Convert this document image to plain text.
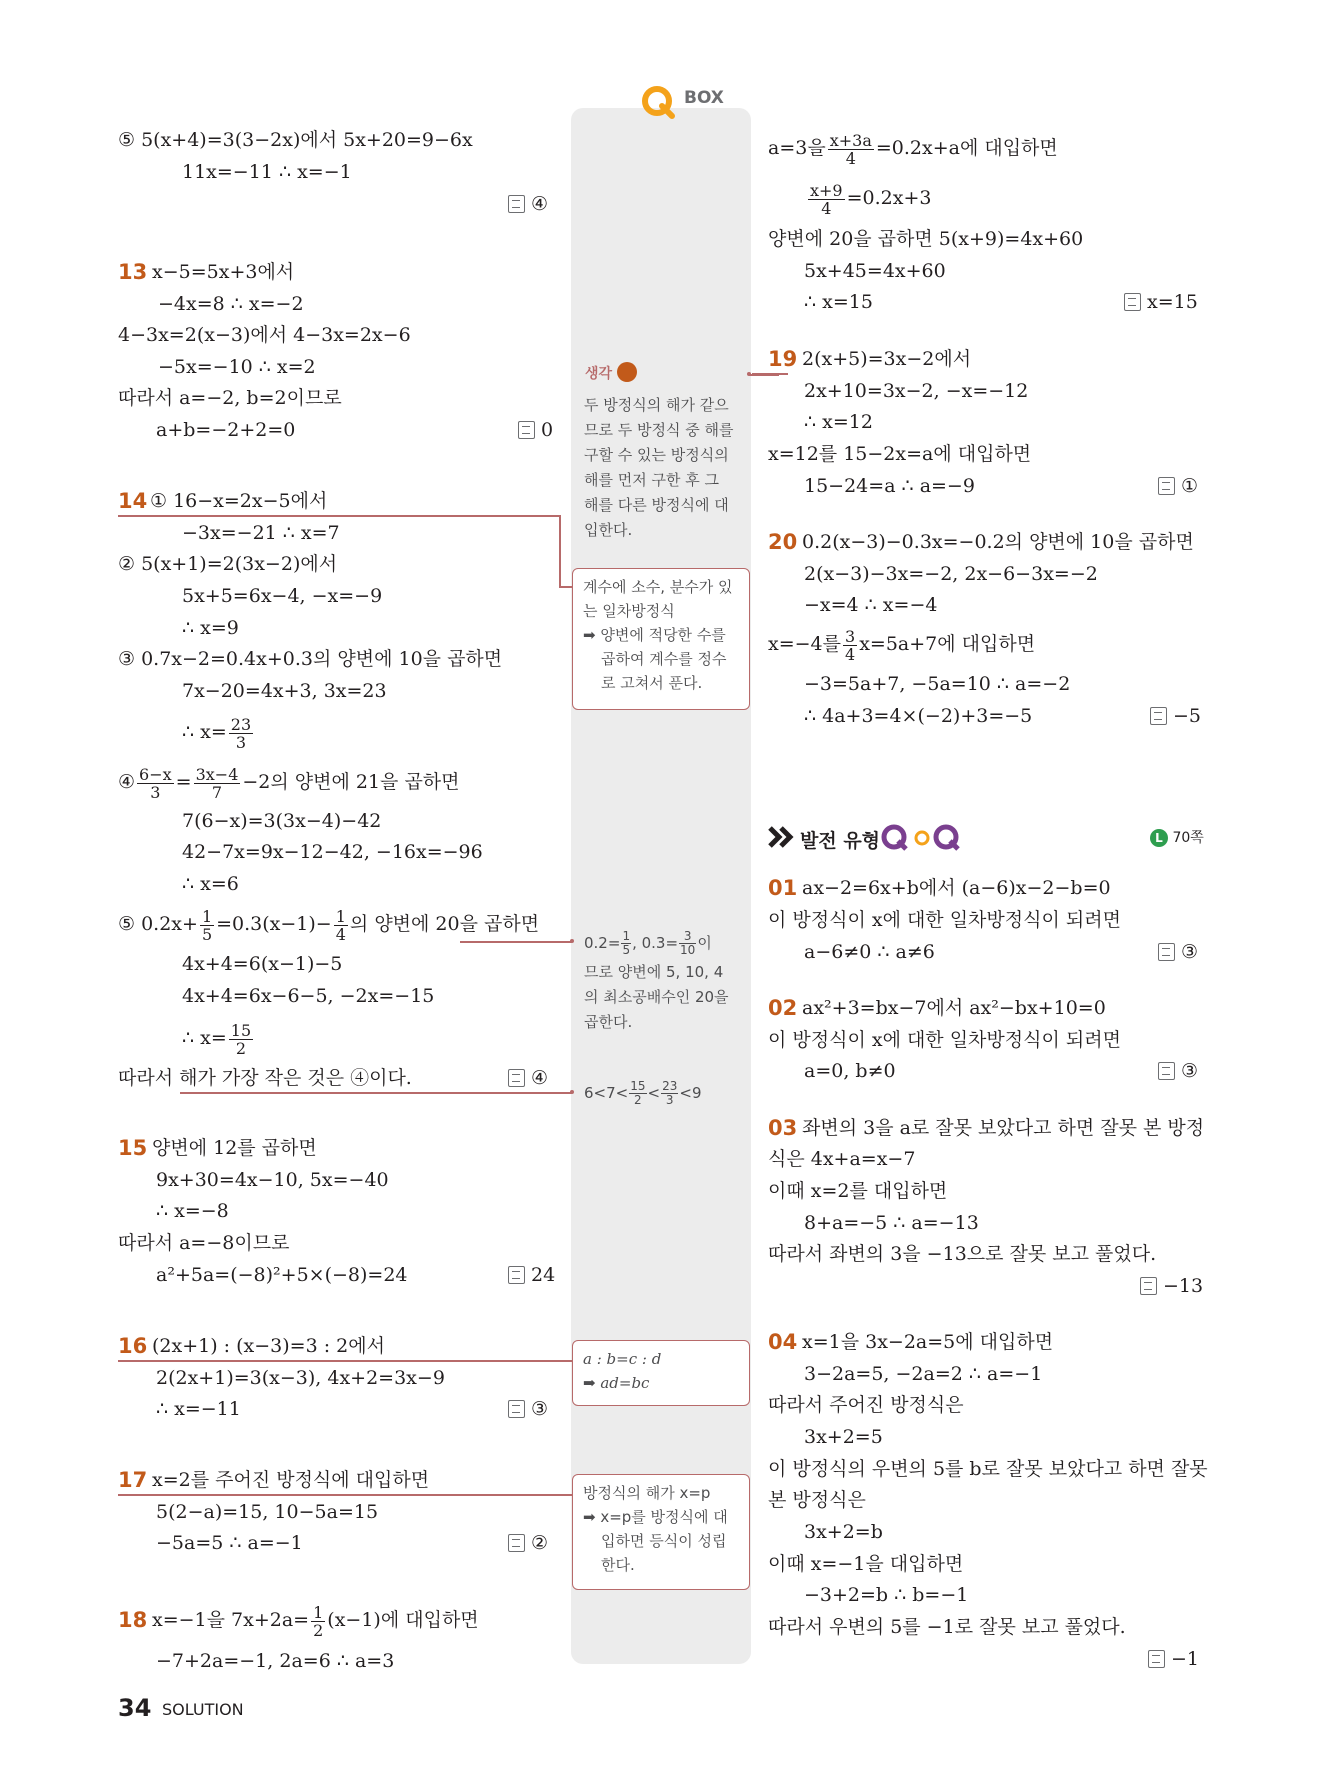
BOX
⑤ 5(x+4)=3(3−2x)에서 5x+20=9−6x
11x=−11 ∴ x=−1
④
13 x−5=5x+3에서
−4x=8 ∴ x=−2
4−3x=2(x−3)에서 4−3x=2x−6
−5x=−10 ∴ x=2
따라서 a=−2, b=2이므로
a+b=−2+2=0	0
14 ① 16−x=2x−5에서
−3x=−21 ∴ x=7
② 5(x+1)=2(3x−2)에서
5x+5=6x−4, −x=−9
∴ x=9
③ 0.7x−2=0.4x+0.3의 양변에 10을 곱하면
7x−20=4x+3, 3x=23
∴ $x= \frac{23}{3}$
④ $\frac{6-x}{3} = \frac{3x-4}{7} -2$의 양변에 21을 곱하면
7(6−x)=3(3x−4)−42
42−7x=9x−12−42, −16x=−96
∴ x=6
⑤ $0.2x+ \frac{1}{5} =0.3(x-1)- \frac{1}{4}$ 의 양변에 20을 곱하면
4x+4=6(x−1)−5
4x+4=6x−6−5, −2x=−15
∴ $x= \frac{15}{2}$
따라서 해가 가장 작은 것은 ④이다.	④
15 양변에 12를 곱하면
9x+30=4x−10, 5x=−40
∴ x=−8
따라서 a=−8이므로
a²+5a=(−8)²+5×(−8)=24	24
16 (2x+1) : (x−3)=3 : 2에서
2(2x+1)=3(x−3), 4x+2=3x−9
∴ x=−11	③
17 x=2를 주어진 방정식에 대입하면
5(2−a)=15, 10−5a=15
−5a=5 ∴ a=−1	②
18 x=−1을 $7x+2a= \frac{1}{2} (x-1)$에 대입하면
−7+2a=−1, 2a=6 ∴ a=3
생각
두 방정식의 해가 같으
므로 두 방정식 중 해를
구할 수 있는 방정식의
해를 먼저 구한 후 그
해를 다른 방정식에 대
입한다.
계수에 소수, 분수가 있
는 일차방정식
➡ 양변에 적당한 수를
곱하여 계수를 정수
로 고쳐서 푼다.
$0.2= \frac{1}{5}$ , $0.3= \frac{3}{10}$ 이
므로 양변에 5, 10, 4
의 최소공배수인 20을
곱한다.
$6<7< \frac{15}{2} < \frac{23}{3} <9$
a : b=c : d
➡ ad=bc
방정식의 해가 x=p
➡ x=p를 방정식에 대
입하면 등식이 성립
한다.
a=3을 $\frac{x+3a}{4} =0.2x+a$에 대입하면
$\frac{x+9}{4} =0.2x+3$
양변에 20을 곱하면 5(x+9)=4x+60
5x+45=4x+60
∴ x=15	x=15
19 2(x+5)=3x−2에서
2x+10=3x−2, −x=−12
∴ x=12
x=12를 15−2x=a에 대입하면
15−24=a ∴ a=−9	①
20 0.2(x−3)−0.3x=−0.2의 양변에 10을 곱하면
2(x−3)−3x=−2, 2x−6−3x=−2
−x=4 ∴ x=−4
x=−4를 $\frac{3}{4} x=5a+7$에 대입하면
−3=5a+7, −5a=10 ∴ a=−2
∴ 4a+3=4×(−2)+3=−5	−5
발전 유형	L 70쪽
01 ax−2=6x+b에서 (a−6)x−2−b=0
이 방정식이 x에 대한 일차방정식이 되려면
a−6≠0 ∴ a≠6	③
02 ax²+3=bx−7에서 ax²−bx+10=0
이 방정식이 x에 대한 일차방정식이 되려면
a=0, b≠0	③
03 좌변의 3을 a로 잘못 보았다고 하면 잘못 본 방정
식은 4x+a=x−7
이때 x=2를 대입하면
8+a=−5 ∴ a=−13
따라서 좌변의 3을 −13으로 잘못 보고 풀었다.
−13
04 x=1을 3x−2a=5에 대입하면
3−2a=5, −2a=2 ∴ a=−1
따라서 주어진 방정식은
3x+2=5
이 방정식의 우변의 5를 b로 잘못 보았다고 하면 잘못
본 방정식은
3x+2=b
이때 x=−1을 대입하면
−3+2=b ∴ b=−1
따라서 우변의 5를 −1로 잘못 보고 풀었다.
−1
34 SOLUTION
